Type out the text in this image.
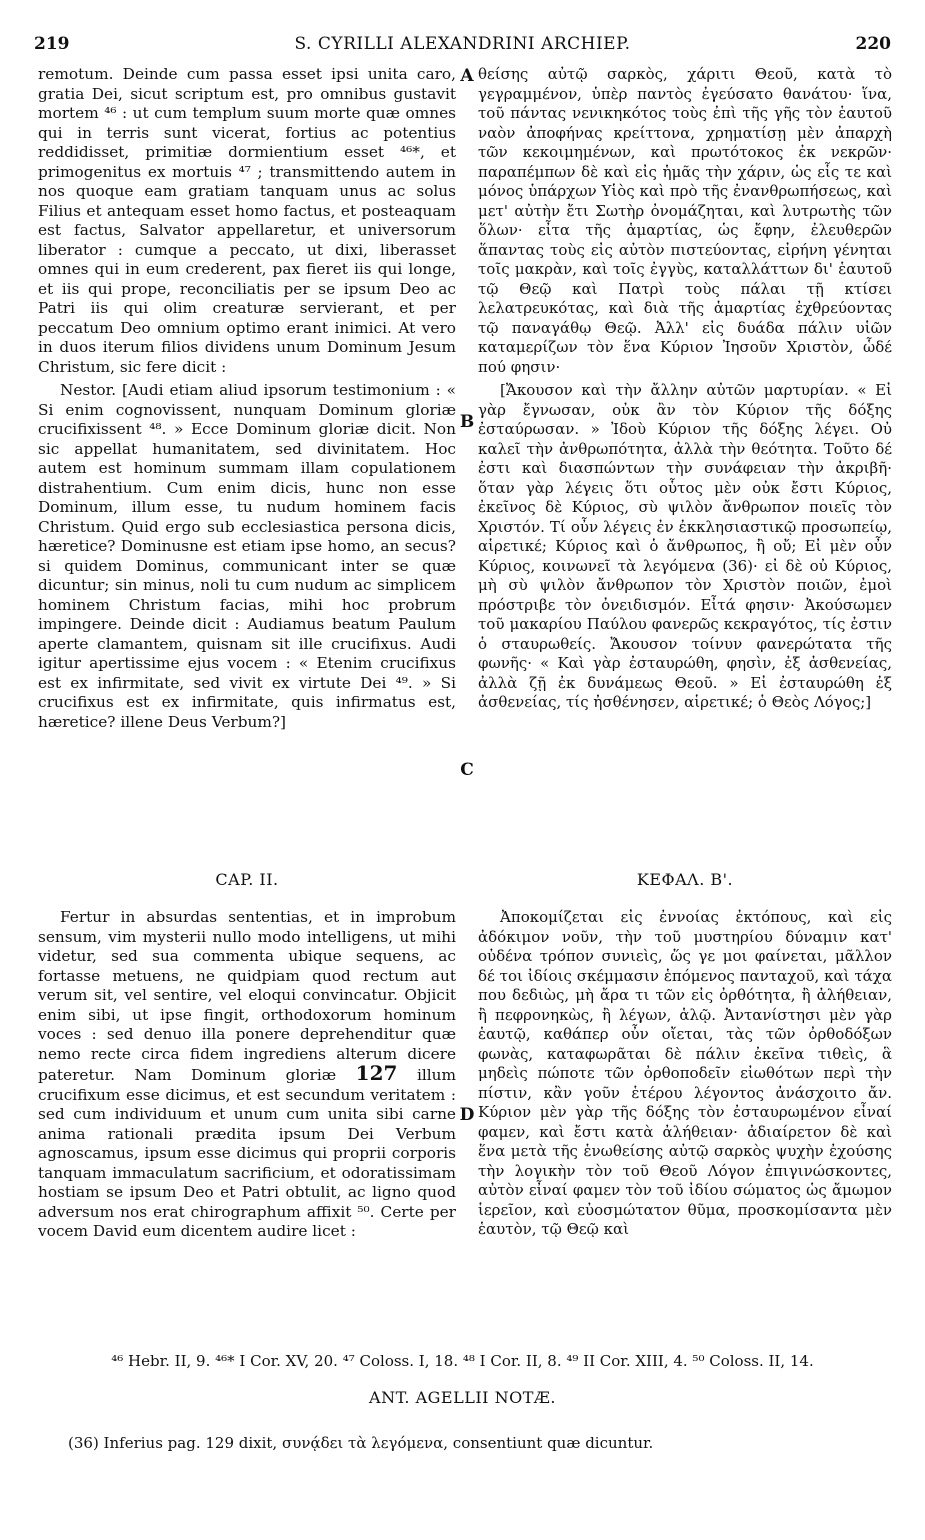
219	S. CYRILLI ALEXANDRINI ARCHIEP.	220

remotum. Deinde cum passa esset ipsi unita caro, gratia Dei, sicut scriptum est, pro omnibus gustavit mortem ⁴⁶ : ut cum templum suum morte quæ omnes qui in terris sunt vicerat, fortius ac potentius reddidisset, primitiæ dormientium esset ⁴⁶*, et primogenitus ex mortuis ⁴⁷ ; transmittendo autem in nos quoque eam gratiam tanquam unus ac solus Filius et antequam esset homo factus, et posteaquam est factus, Salvator appellaretur, et universorum liberator : cumque a peccato, ut dixi, liberasset omnes qui in eum crederent, pax fieret iis qui longe, et iis qui prope, reconciliatis per se ipsum Deo ac Patri iis qui olim creaturæ servierant, et per peccatum Deo omnium optimo erant inimici. At vero in duos iterum filios dividens unum Dominum Jesum Christum, sic fere dicit :

Nestor. [Audi etiam aliud ipsorum testimonium : « Si enim cognovissent, nunquam Dominum gloriæ crucifixissent ⁴⁸. » Ecce Dominum gloriæ dicit. Non sic appellat humanitatem, sed divinitatem. Hoc autem est hominum summam illam copulationem distrahentium. Cum enim dicis, hunc non esse Dominum, illum esse, tu nudum hominem facis Christum. Quid ergo sub ecclesiastica persona dicis, hæretice? Dominusne est etiam ipse homo, an secus? si quidem Dominus, communicant inter se quæ dicuntur; sin minus, noli tu cum nudum ac simplicem hominem Christum facias, mihi hoc probrum impingere. Deinde dicit : Audiamus beatum Paulum aperte clamantem, quisnam sit ille crucifixus. Audi igitur apertissime ejus vocem : « Etenim crucifixus est ex infirmitate, sed vivit ex virtute Dei ⁴⁹. » Si crucifixus est ex infirmitate, quis infirmatus est, hæretice? illene Deus Verbum?]

θείσης αὐτῷ σαρκὸς, χάριτι Θεοῦ, κατὰ τὸ γεγραμμένον, ὑπὲρ παντὸς ἐγεύσατο θανάτου· ἵνα, τοῦ πάντας νενικηκότος τοὺς ἐπὶ τῆς γῆς τὸν ἑαυτοῦ ναὸν ἀποφήνας κρείττονα, χρηματίσῃ μὲν ἀπαρχὴ τῶν κεκοιμημένων, καὶ πρωτότοκος ἐκ νεκρῶν· παραπέμπων δὲ καὶ εἰς ἡμᾶς τὴν χάριν, ὡς εἷς τε καὶ μόνος ὑπάρχων Υἱὸς καὶ πρὸ τῆς ἐνανθρωπήσεως, καὶ μετ' αὐτὴν ἔτι Σωτὴρ ὀνομάζηται, καὶ λυτρωτὴς τῶν ὅλων· εἶτα τῆς ἁμαρτίας, ὡς ἔφην, ἐλευθερῶν ἅπαντας τοὺς εἰς αὐτὸν πιστεύοντας, εἰρήνη γένηται τοῖς μακρὰν, καὶ τοῖς ἐγγὺς, καταλλάττων δι' ἑαυτοῦ τῷ Θεῷ καὶ Πατρὶ τοὺς πάλαι τῇ κτίσει λελατρευκότας, καὶ διὰ τῆς ἁμαρτίας ἐχθρεύοντας τῷ παναγάθῳ Θεῷ. Ἀλλ' εἰς δυάδα πάλιν υἱῶν καταμερίζων τὸν ἕνα Κύριον Ἰησοῦν Χριστὸν, ὧδέ πού φησιν·

[Ἄκουσον καὶ τὴν ἄλλην αὐτῶν μαρτυρίαν. « Εἰ γὰρ ἔγνωσαν, οὐκ ἂν τὸν Κύριον τῆς δόξης ἐσταύρωσαν. » Ἰδοὺ Κύριον τῆς δόξης λέγει. Οὐ καλεῖ τὴν ἀνθρωπότητα, ἀλλὰ τὴν θεότητα. Τοῦτο δέ ἐστι καὶ διασπώντων τὴν συνάφειαν τὴν ἀκριβῆ· ὅταν γὰρ λέγεις ὅτι οὗτος μὲν οὐκ ἔστι Κύριος, ἐκεῖνος δὲ Κύριος, σὺ ψιλὸν ἄνθρωπον ποιεῖς τὸν Χριστόν. Τί οὖν λέγεις ἐν ἐκκλησιαστικῷ προσωπείῳ, αἱρετικέ; Κύριος καὶ ὁ ἄνθρωπος, ἢ οὔ; Εἰ μὲν οὖν Κύριος, κοινωνεῖ τὰ λεγόμενα (36)· εἰ δὲ οὐ Κύριος, μὴ σὺ ψιλὸν ἄνθρωπον τὸν Χριστὸν ποιῶν, ἐμοὶ πρόστριβε τὸν ὀνειδισμόν. Εἶτά φησιν· Ἀκούσωμεν τοῦ μακαρίου Παύλου φανερῶς κεκραγότος, τίς ἐστιν ὁ σταυρωθείς. Ἄκουσον τοίνυν φανερώτατα τῆς φωνῆς· « Καὶ γὰρ ἐσταυρώθη, φησὶν, ἐξ ἀσθενείας, ἀλλὰ ζῇ ἐκ δυνάμεως Θεοῦ. » Εἰ ἐσταυρώθη ἐξ ἀσθενείας, τίς ἠσθένησεν, αἱρετικέ; ὁ Θεὸς Λόγος;]

A
B
C
D
CAP. II.	ΚΕΦΑΛ. Β'.

Fertur in absurdas sententias, et in improbum sensum, vim mysterii nullo modo intelligens, ut mihi videtur, sed sua commenta ubique sequens, ac fortasse metuens, ne quidpiam quod rectum aut verum sit, vel sentire, vel eloqui convincatur. Objicit enim sibi, ut ipse fingit, orthodoxorum hominum voces : sed denuo illa ponere deprehenditur quæ nemo recte circa fidem ingrediens alterum dicere pateretur. Nam Dominum gloriæ 127 illum crucifixum esse dicimus, et est secundum veritatem : sed cum individuum et unum cum unita sibi carne anima rationali prædita ipsum Dei Verbum agnoscamus, ipsum esse dicimus qui proprii corporis tanquam immaculatum sacrificium, et odoratissimam hostiam se ipsum Deo et Patri obtulit, ac ligno quod adversum nos erat chirographum affixit ⁵⁰. Certe per vocem David eum dicentem audire licet :

Ἀποκομίζεται εἰς ἐννοίας ἐκτόπους, καὶ εἰς ἀδόκιμον νοῦν, τὴν τοῦ μυστηρίου δύναμιν κατ' οὐδένα τρόπον συνιεὶς, ὥς γε μοι φαίνεται, μᾶλλον δέ τοι ἰδίοις σκέμμασιν ἑπόμενος πανταχοῦ, καὶ τάχα που δεδιὼς, μὴ ἄρα τι τῶν εἰς ὀρθότητα, ἢ ἀλήθειαν, ἢ πεφρονηκὼς, ἢ λέγων, ἁλῷ. Ἀντανίστησι μὲν γὰρ ἑαυτῷ, καθάπερ οὖν οἴεται, τὰς τῶν ὀρθοδόξων φωνὰς, καταφωρᾶται δὲ πάλιν ἐκεῖνα τιθεὶς, ἃ μηδεὶς πώποτε τῶν ὀρθοποδεῖν εἰωθότων περὶ τὴν πίστιν, κἂν γοῦν ἑτέρου λέγοντος ἀνάσχοιτο ἄν. Κύριον μὲν γὰρ τῆς δόξης τὸν ἐσταυρωμένον εἶναί φαμεν, καὶ ἔστι κατὰ ἀλήθειαν· ἀδιαίρετον δὲ καὶ ἕνα μετὰ τῆς ἑνωθείσης αὐτῷ σαρκὸς ψυχὴν ἐχούσης τὴν λογικὴν τὸν τοῦ Θεοῦ Λόγον ἐπιγινώσκοντες, αὐτὸν εἶναί φαμεν τὸν τοῦ ἰδίου σώματος ὡς ἄμωμον ἱερεῖον, καὶ εὐοσμώτατον θῦμα, προσκομίσαντα μὲν ἑαυτὸν, τῷ Θεῷ καὶ

⁴⁶ Hebr. II, 9. ⁴⁶* I Cor. XV, 20. ⁴⁷ Coloss. I, 18. ⁴⁸ I Cor. II, 8. ⁴⁹ II Cor. XIII, 4. ⁵⁰ Coloss. II, 14.
ANT. AGELLII NOTÆ.
(36) Inferius pag. 129 dixit, συνᾴδει τὰ λεγόμενα, consentiunt quæ dicuntur.
